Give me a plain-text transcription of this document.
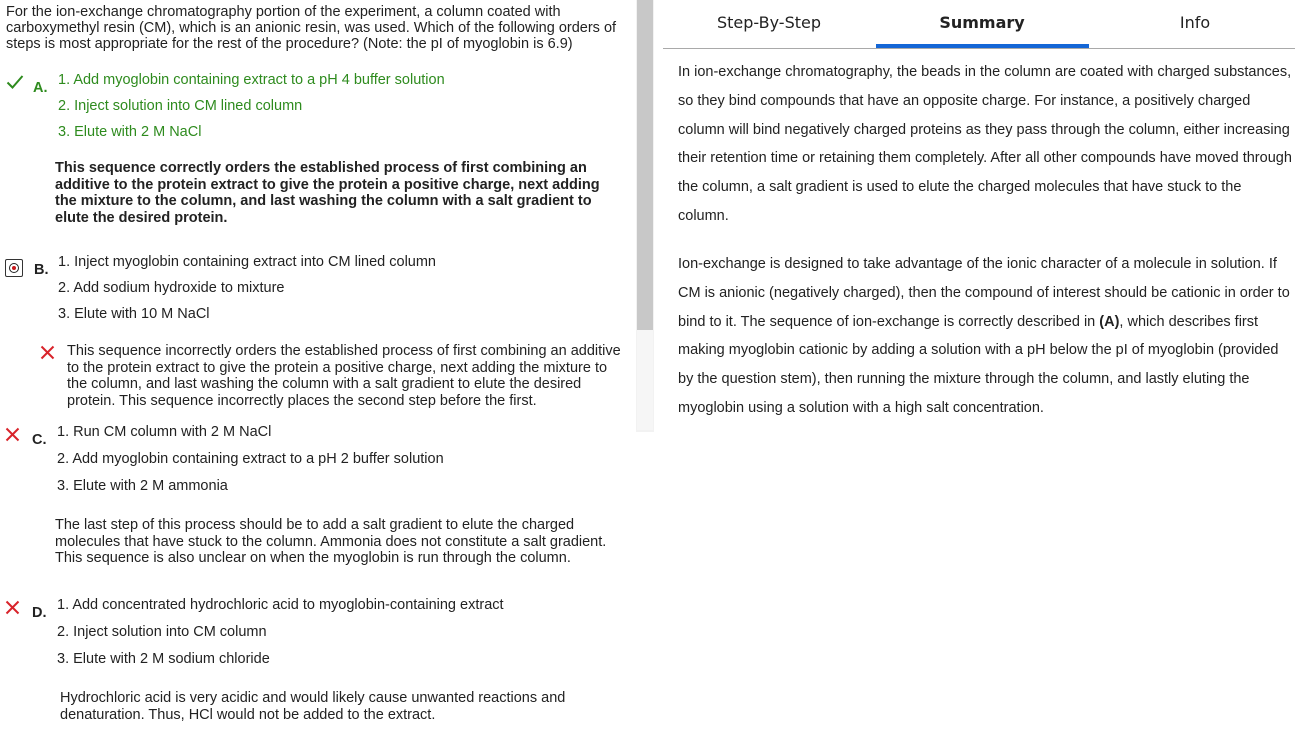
For the ion-exchange chromatography portion of the experiment, a column coated with carboxymethyl resin (CM), which is an anionic resin, was used. Which of the following orders of steps is most appropriate for the rest of the procedure? (Note: the pI of myoglobin is 6.9)

A. 1. Add myoglobin containing extract to a pH 4 buffer solution

2. Inject solution into CM lined column

3. Elute with 2 M NaCl

This sequence correctly orders the established process of first combining an additive to the protein extract to give the protein a positive charge, next adding the mixture to the column, and last washing the column with a salt gradient to elute the desired protein.

B. 1. Inject myoglobin containing extract into CM lined column

2. Add sodium hydroxide to mixture

3. Elute with 10 M NaCl

This sequence incorrectly orders the established process of first combining an additive to the protein extract to give the protein a positive charge, next adding the mixture to the column, and last washing the column with a salt gradient to elute the desired protein. This sequence incorrectly places the second step before the first.

C. 1. Run CM column with 2 M NaCl

2. Add myoglobin containing extract to a pH 2 buffer solution

3. Elute with 2 M ammonia

The last step of this process should be to add a salt gradient to elute the charged molecules that have stuck to the column. Ammonia does not constitute a salt gradient. This sequence is also unclear on when the myoglobin is run through the column.

D. 1. Add concentrated hydrochloric acid to myoglobin-containing extract

2. Inject solution into CM column

3. Elute with 2 M sodium chloride

Hydrochloric acid is very acidic and would likely cause unwanted reactions and denaturation. Thus, HCl would not be added to the extract.

Step-By-Step	Summary	Info

In ion-exchange chromatography, the beads in the column are coated with charged substances, so they bind compounds that have an opposite charge. For instance, a positively charged column will bind negatively charged proteins as they pass through the column, either increasing their retention time or retaining them completely. After all other compounds have moved through the column, a salt gradient is used to elute the charged molecules that have stuck to the column.

Ion-exchange is designed to take advantage of the ionic character of a molecule in solution. If CM is anionic (negatively charged), then the compound of interest should be cationic in order to bind to it. The sequence of ion-exchange is correctly described in (A), which describes first making myoglobin cationic by adding a solution with a pH below the pI of myoglobin (provided by the question stem), then running the mixture through the column, and lastly eluting the myoglobin using a solution with a high salt concentration.
